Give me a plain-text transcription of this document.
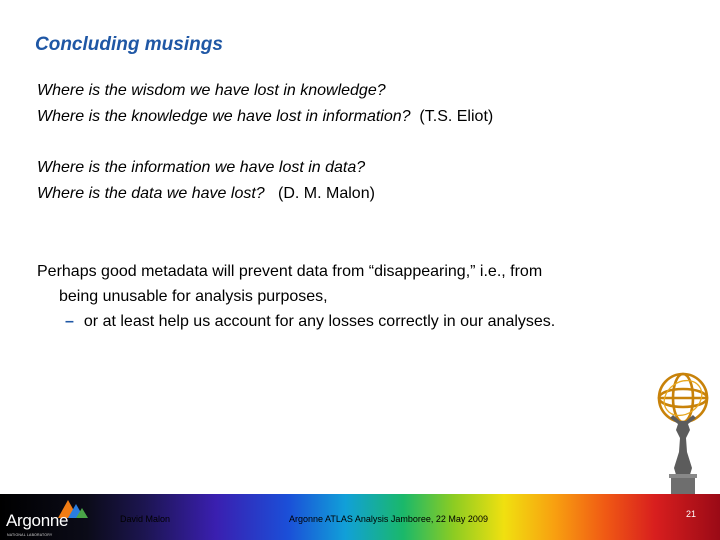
Concluding musings
Where is the wisdom we have lost in knowledge?
Where is the knowledge we have lost in information? (T.S. Eliot)
Where is the information we have lost in data?
Where is the data we have lost? (D. M. Malon)
Perhaps good metadata will prevent data from “disappearing,” i.e., from
being unusable for analysis purposes,
– or at least help us account for any losses correctly in our analyses.
Argonne
NATIONAL LABORATORY
David Malon	Argonne ATLAS Analysis Jamboree, 22 May 2009	21
